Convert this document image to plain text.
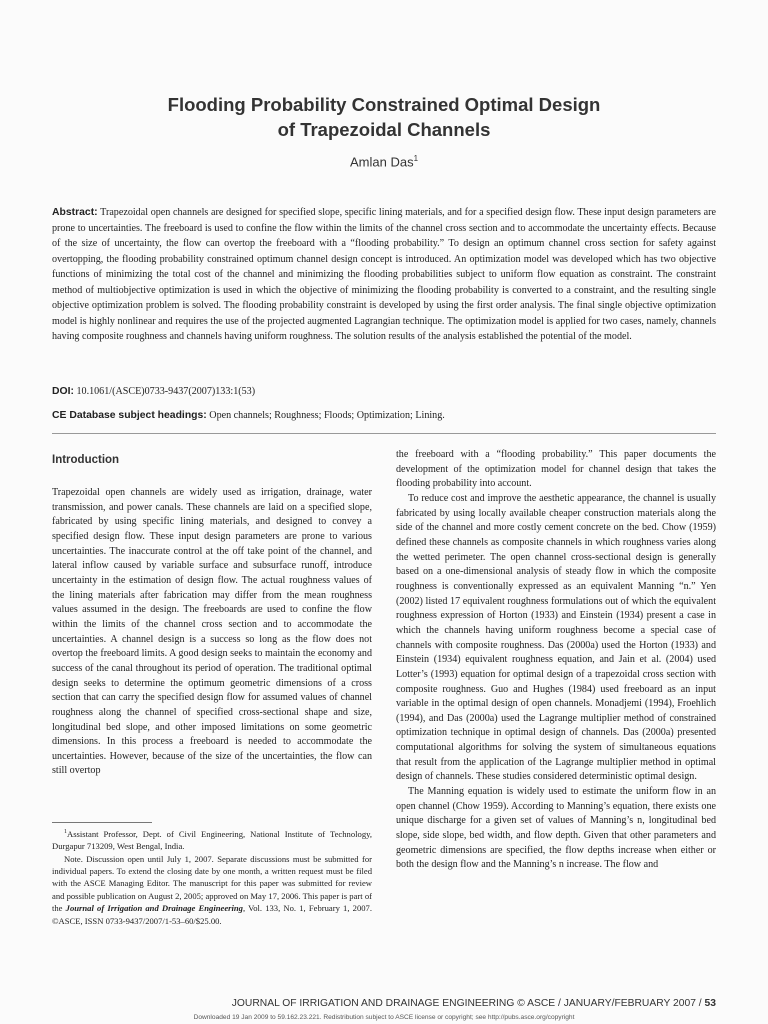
Flooding Probability Constrained Optimal Design
of Trapezoidal Channels
Amlan Das$^1$

Abstract: Trapezoidal open channels are designed for specified slope, specific lining materials, and for a specified design flow. These input design parameters are prone to uncertainties. The freeboard is used to confine the flow within the limits of the channel cross section and to accommodate the uncertainty effects. Because of the size of uncertainty, the flow can overtop the freeboard with a “flooding probability.” To design an optimum channel cross section for safety against overtopping, the flooding probability constrained optimum channel design concept is introduced. An optimization model was developed which has two objective functions of minimizing the total cost of the channel and minimizing the flooding probabilities subject to uniform flow equation as constraint. The constraint method of multiobjective optimization is used in which the objective of minimizing the flooding probability is converted to a constraint, and the resulting single objective optimization problem is solved. The flooding probability constraint is developed by using the first order analysis. The final single objective optimization model is highly nonlinear and requires the use of the projected augmented Lagrangian technique. The optimization model is applied for two cases, namely, channels having composite roughness and channels having uniform roughness. The solution results of the analysis established the potential of the model.

DOI: 10.1061/(ASCE)0733-9437(2007)133:1(53)
CE Database subject headings: Open channels; Roughness; Floods; Optimization; Lining.
Introduction

Trapezoidal open channels are widely used as irrigation, drainage, water transmission, and power canals. These channels are laid on a specified slope, fabricated by using specific lining materials, and designed to convey a specified design flow. These input design parameters are prone to various uncertainties. The inaccurate control at the off take point of the channel, and lateral inflow caused by variable surface and subsurface runoff, introduce uncertainty in the estimation of design flow. The actual roughness values of the lining materials after fabrication may differ from the mean roughness values assumed in the design. The freeboards are used to confine the flow within the limits of the channel cross section and to accommodate the uncertainties. A channel design is a success so long as the flow does not overtop the freeboard limits. A good design seeks to maintain the economy and success of the canal throughout its period of operation. The traditional optimal design seeks to determine the optimum geometric dimensions of a cross section that can carry the specified design flow for assumed values of channel roughness along the channel of specified cross-sectional shape and size, longitudinal bed slope, and other imposed limitations on some geometric dimensions. In this process a freeboard is needed to accommodate the uncertainties. However, because of the size of the uncertainties, the flow can still overtop

$^1$Assistant Professor, Dept. of Civil Engineering, National Institute of Technology, Durgapur 713209, West Bengal, India.

Note. Discussion open until July 1, 2007. Separate discussions must be submitted for individual papers. To extend the closing date by one month, a written request must be filed with the ASCE Managing Editor. The manuscript for this paper was submitted for review and possible publication on August 2, 2005; approved on May 17, 2006. This paper is part of the Journal of Irrigation and Drainage Engineering, Vol. 133, No. 1, February 1, 2007. ©ASCE, ISSN 0733-9437/2007/1-53–60/$25.00.

the freeboard with a “flooding probability.” This paper documents the development of the optimization model for channel design that takes the flooding probability into account.

To reduce cost and improve the aesthetic appearance, the channel is usually fabricated by using locally available cheaper construction materials along the side of the channel and more costly cement concrete on the bed. Chow (1959) defined these channels as composite channels in which roughness varies along the wetted perimeter. The open channel cross-sectional design is generally based on a one-dimensional analysis of steady flow in which the composite roughness is conventionally expressed as an equivalent Manning “n.” Yen (2002) listed 17 equivalent roughness formulations out of which the equivalent roughness expression of Horton (1933) and Einstein (1934) present a case in which the channels having uniform roughness become a special case of channels with composite roughness. Das (2000a) used the Horton (1933) and Einstein (1934) equivalent roughness equation, and Jain et al. (2004) used Lotter’s (1993) equation for optimal design of a trapezoidal cross section with composite roughness. Guo and Hughes (1984) used freeboard as an input variable in the optimal design of open channels. Monadjemi (1994), Froehlich (1994), and Das (2000a) used the Lagrange multiplier method of constrained optimization technique in optimal design of channels. Das (2000a) presented computational algorithms for solving the system of simultaneous equations that result from the application of the Lagrange multiplier method in optimal design of channels. These studies considered deterministic optimal design.

The Manning equation is widely used to estimate the uniform flow in an open channel (Chow 1959). According to Manning’s equation, there exists one unique discharge for a given set of values of Manning’s n, longitudinal bed slope, side slope, bed width, and flow depth. Given that other parameters and geometric dimensions are specified, the flow depths increase when either or both the design flow and the Manning’s n increase. The flow and

JOURNAL OF IRRIGATION AND DRAINAGE ENGINEERING © ASCE / JANUARY/FEBRUARY 2007 / 53
Downloaded 19 Jan 2009 to 59.162.23.221. Redistribution subject to ASCE license or copyright; see http://pubs.asce.org/copyright
